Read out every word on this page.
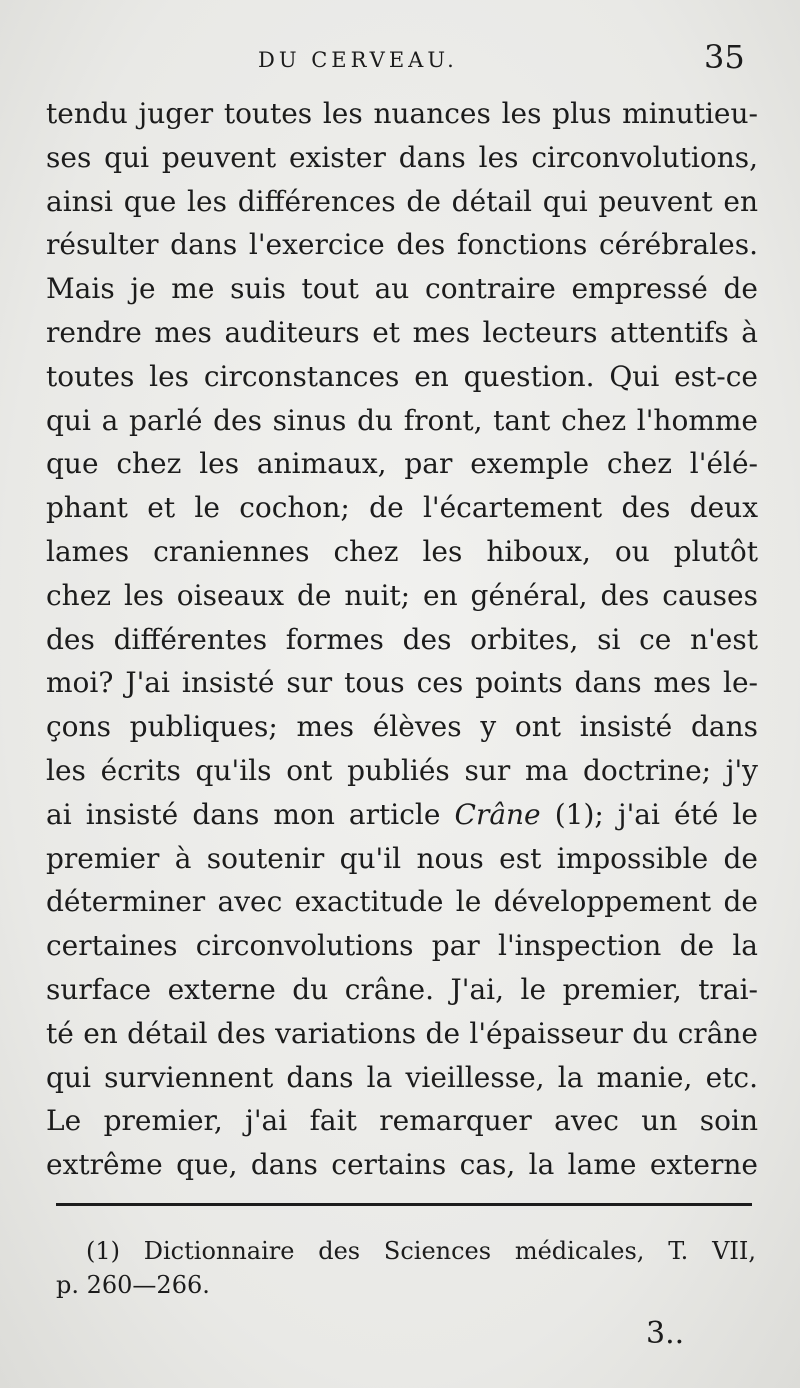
DU CERVEAU.	35
tendu juger toutes les nuances les plus minutieu-
ses qui peuvent exister dans les circonvolutions,
ainsi que les différences de détail qui peuvent en
résulter dans l'exercice des fonctions cérébrales.
Mais je me suis tout au contraire empressé de
rendre mes auditeurs et mes lecteurs attentifs à
toutes les circonstances en question. Qui est-ce
qui a parlé des sinus du front, tant chez l'homme
que chez les animaux, par exemple chez l'élé-
phant et le cochon; de l'écartement des deux
lames craniennes chez les hiboux, ou plutôt
chez les oiseaux de nuit; en général, des causes
des différentes formes des orbites, si ce n'est
moi? J'ai insisté sur tous ces points dans mes le-
çons publiques; mes élèves y ont insisté dans
les écrits qu'ils ont publiés sur ma doctrine; j'y
ai insisté dans mon article Crâne (1); j'ai été le
premier à soutenir qu'il nous est impossible de
déterminer avec exactitude le développement de
certaines circonvolutions par l'inspection de la
surface externe du crâne. J'ai, le premier, trai-
té en détail des variations de l'épaisseur du crâne
qui surviennent dans la vieillesse, la manie, etc.
Le premier, j'ai fait remarquer avec un soin
extrême que, dans certains cas, la lame externe
(1) Dictionnaire des Sciences médicales, T. VII,
p. 260—266.
3..
